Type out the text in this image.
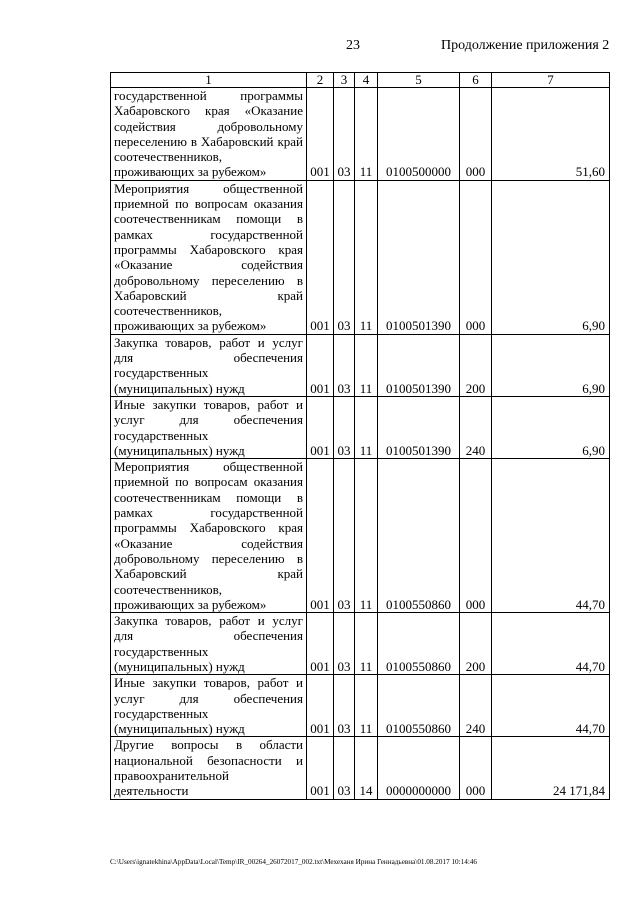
23	Продолжение приложения 2
1	2	3	4	5	6	7
государственной программы Хабаровского края «Оказание содействия добровольному переселению в Хабаровский край соотечественников, проживающих за рубежом»	001	03	11	0100500000	000	51,60
Мероприятия общественной приемной по вопросам оказания соотечественникам помощи в рамках государственной программы Хабаровского края «Оказание содействия добровольному переселению в Хабаровский край соотечественников, проживающих за рубежом»	001	03	11	0100501390	000	6,90
Закупка товаров, работ и услуг для обеспечения государственных (муниципальных) нужд	001	03	11	0100501390	200	6,90
Иные закупки товаров, работ и услуг для обеспечения государственных (муниципальных) нужд	001	03	11	0100501390	240	6,90
Мероприятия общественной приемной по вопросам оказания соотечественникам помощи в рамках государственной программы Хабаровского края «Оказание содействия добровольному переселению в Хабаровский край соотечественников, проживающих за рубежом»	001	03	11	0100550860	000	44,70
Закупка товаров, работ и услуг для обеспечения государственных (муниципальных) нужд	001	03	11	0100550860	200	44,70
Иные закупки товаров, работ и услуг для обеспечения государственных (муниципальных) нужд	001	03	11	0100550860	240	44,70
Другие вопросы в области национальной безопасности и правоохранительной деятельности	001	03	14	0000000000	000	24 171,84
C:\Users\ignatekhina\AppData\Local\Temp\IR_00264_26072017_002.txt\Мехеханя Ирина Геннадьевна\01.08.2017 10:14:46
